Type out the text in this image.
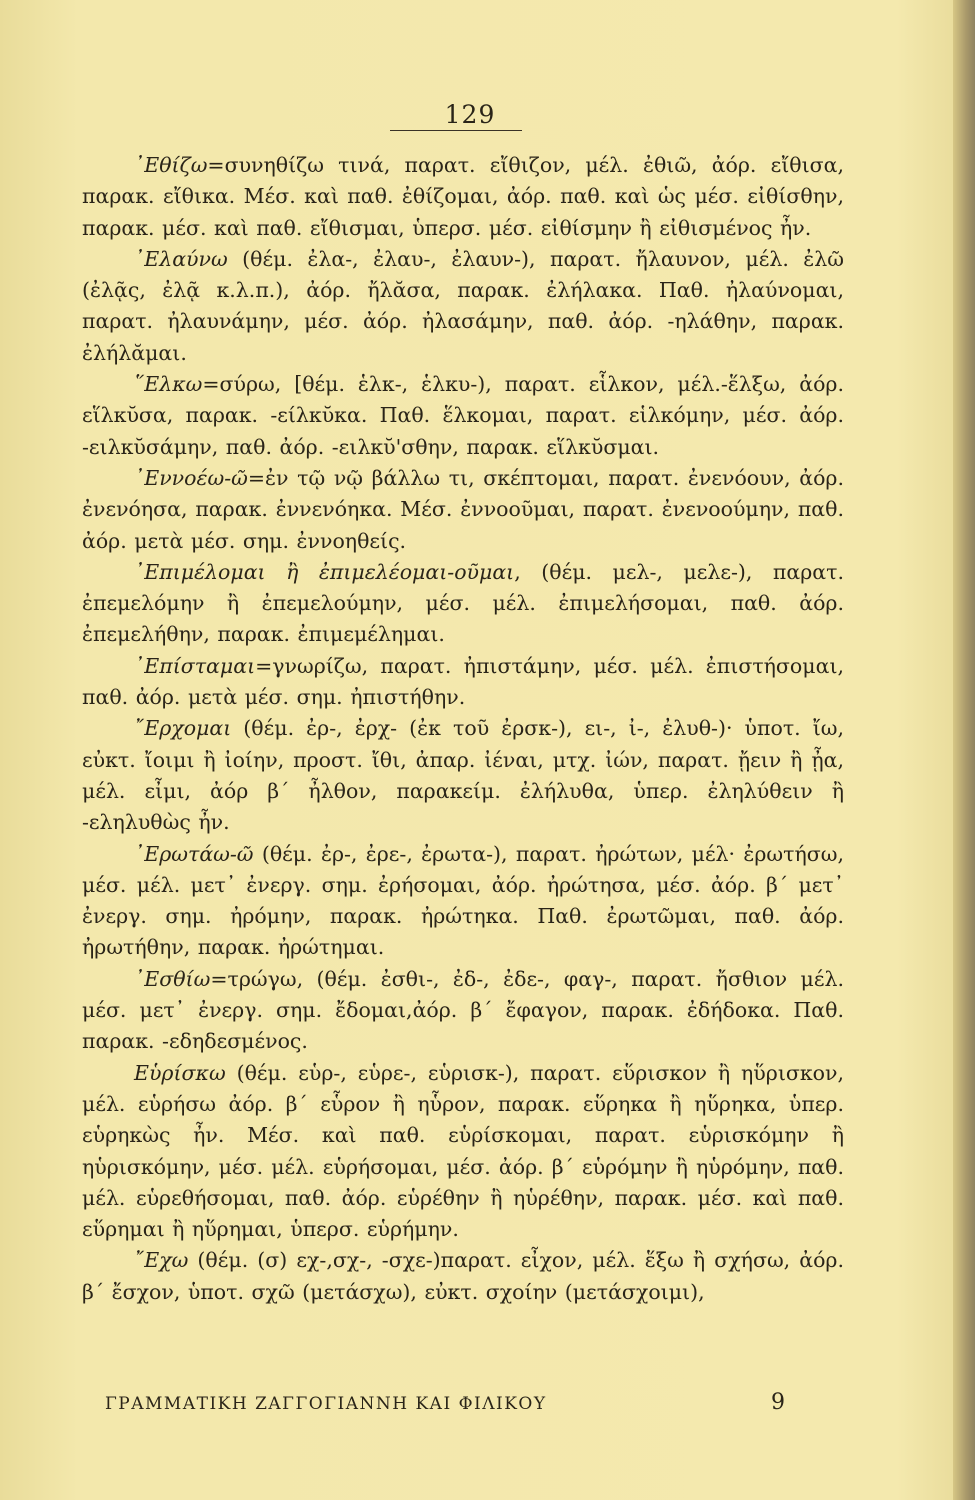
129

᾿Εθίζω=συνηθίζω τινά, παρατ. εἴθιζον, μέλ. ἐθιῶ, ἀόρ. εἴθισα, παρακ. εἴθικα. Μέσ. καὶ παθ. ἐθίζομαι, ἀόρ. παθ. καὶ ὡς μέσ. εἰθίσθην, παρακ. μέσ. καὶ παθ. εἴθισμαι, ὑπερσ. μέσ. εἰθίσμην ἢ εἰθισμένος ἦν.

᾿Ελαύνω (θέμ. ἐλα-, ἐλαυ-, ἐλαυν-), παρατ. ἤλαυνον, μέλ. ἐλῶ (ἐλᾷς, ἐλᾷ κ.λ.π.), ἀόρ. ἤλᾰσα, παρακ. ἐλήλακα. Παθ. ἠλαύνομαι, παρατ. ἠλαυνάμην, μέσ. ἀόρ. ἠλασάμην, παθ. ἀόρ. -ηλάθην, παρακ. ἐλήλᾰμαι.

῞Ελκω=σύρω, [θέμ. ἑλκ-, ἑλκυ-), παρατ. εἷλκον, μέλ.-ἕλξω, ἀόρ. εἵλκῠσα, παρακ. -είλκῠκα. Παθ. ἕλκομαι, παρατ. εἱλκόμην, μέσ. ἀόρ. -ειλκῠσάμην, παθ. ἀόρ. -ειλκῠ'σθην, παρακ. εἵλκῠσμαι.

᾿Εννοέω-ῶ=ἐν τῷ νῷ βάλλω τι, σκέπτομαι, παρατ. ἐνενόουν, ἀόρ. ἐνενόησα, παρακ. ἐννενόηκα. Μέσ. ἐννοοῦμαι, παρατ. ἐνενοούμην, παθ. ἀόρ. μετὰ μέσ. σημ. ἐννοηθείς.

᾿Επιμέλομαι ἢ ἐπιμελέομαι-οῦμαι, (θέμ. μελ-, μελε-), παρατ. ἐπεμελόμην ἢ ἐπεμελούμην, μέσ. μέλ. ἐπιμελήσομαι, παθ. ἀόρ. ἐπεμελήθην, παρακ. ἐπιμεμέλημαι.

᾿Επίσταμαι=γνωρίζω, παρατ. ἠπιστάμην, μέσ. μέλ. ἐπιστήσομαι, παθ. ἀόρ. μετὰ μέσ. σημ. ἠπιστήθην.

῎Ερχομαι (θέμ. ἐρ-, ἐρχ- (ἐκ τοῦ ἐρσκ-), ει-, ἰ-, ἐλυθ-)· ὑποτ. ἴω, εὐκτ. ἴοιμι ἢ ἰοίην, προστ. ἴθι, ἀπαρ. ἰέναι, μτχ. ἰών, παρατ. ᾔειν ἢ ᾖα, μέλ. εἶμι, ἀόρ β΄ ἦλθον, παρακείμ. ἐλήλυθα, ὑπερ. ἐληλύθειν ἢ -εληλυθὼς ἦν.

᾿Ερωτάω-ῶ (θέμ. ἐρ-, ἐρε-, ἐρωτα-), παρατ. ἠρώτων, μέλ· ἐρωτήσω, μέσ. μέλ. μετ᾽ ἐνεργ. σημ. ἐρήσομαι, ἀόρ. ἠρώτησα, μέσ. ἀόρ. β΄ μετ᾽ ἐνεργ. σημ. ἠρόμην, παρακ. ἠρώτηκα. Παθ. ἐρωτῶμαι, παθ. ἀόρ. ἠρωτήθην, παρακ. ἠρώτημαι.

᾿Εσθίω=τρώγω, (θέμ. ἐσθι-, ἐδ-, ἐδε-, φαγ-, παρατ. ἤσθιον μέλ. μέσ. μετ᾽ ἐνεργ. σημ. ἔδομαι,ἀόρ. β΄ ἔφαγον, παρακ. ἐδήδοκα. Παθ. παρακ. -εδηδεσμένος.

Εὑρίσκω (θέμ. εὑρ-, εὑρε-, εὑρισκ-), παρατ. εὕρισκον ἢ ηὕρισκον, μέλ. εὑρήσω ἀόρ. β΄ εὗρον ἢ ηὗρον, παρακ. εὕρηκα ἢ ηὕρηκα, ὑπερ. εὑρηκὼς ἦν. Μέσ. καὶ παθ. εὑρίσκομαι, παρατ. εὑρισκόμην ἢ ηὑρισκόμην, μέσ. μέλ. εὑρήσομαι, μέσ. ἀόρ. β΄ εὑρόμην ἢ ηὑρόμην, παθ. μέλ. εὑρεθήσομαι, παθ. ἀόρ. εὑρέθην ἢ ηὑρέθην, παρακ. μέσ. καὶ παθ. εὕρημαι ἢ ηὕρημαι, ὑπερσ. εὑρήμην.

῎Εχω (θέμ. (σ) εχ-,σχ-, -σχε-)παρατ. εἶχον, μέλ. ἕξω ἢ σχήσω, ἀόρ. β΄ ἔσχον, ὑποτ. σχῶ (μετάσχω), εὐκτ. σχοίην (μετάσχοιμι),

ΓΡΑΜΜΑΤΙΚΗ ΖΑΓΓΟΓΙΑΝΝΗ ΚΑΙ ΦΙΛΙΚΟΥ	9
